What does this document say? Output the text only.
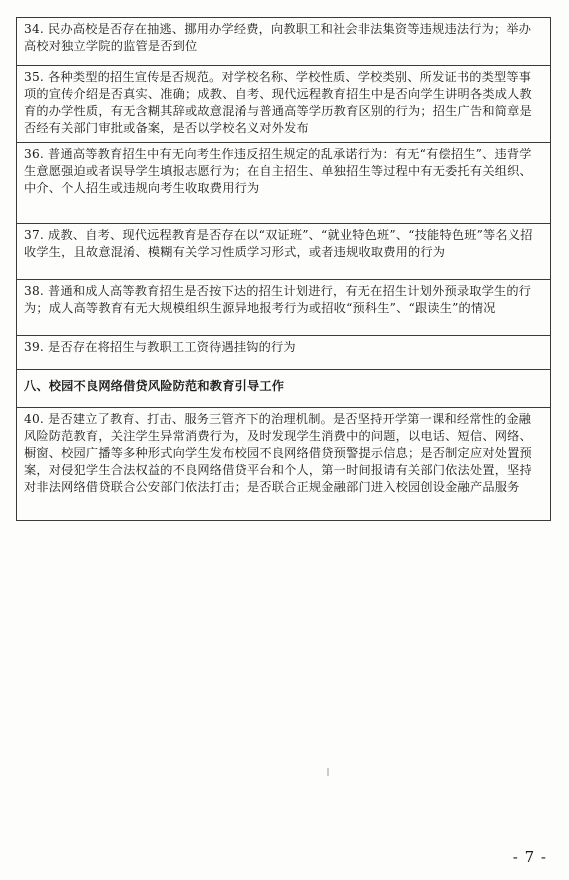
34. 民办高校是否存在抽逃、挪用办学经费，向教职工和社会非法集资等违规违法行为；举办高校对独立学院的监管是否到位
35. 各种类型的招生宣传是否规范。对学校名称、学校性质、学校类别、所发证书的类型等事项的宣传介绍是否真实、准确；成教、自考、现代远程教育招生中是否向学生讲明各类成人教育的办学性质，有无含糊其辞或故意混淆与普通高等学历教育区别的行为；招生广告和简章是否经有关部门审批或备案，是否以学校名义对外发布
36. 普通高等教育招生中有无向考生作违反招生规定的乱承诺行为：有无“有偿招生”、违背学生意愿强迫或者误导学生填报志愿行为；在自主招生、单独招生等过程中有无委托有关组织、中介、个人招生或违规向考生收取费用行为
37. 成教、自考、现代远程教育是否存在以“双证班”、“就业特色班”、“技能特色班”等名义招收学生，且故意混淆、模糊有关学习性质学习形式，或者违规收取费用的行为
38. 普通和成人高等教育招生是否按下达的招生计划进行，有无在招生计划外预录取学生的行为；成人高等教育有无大规模组织生源异地报考行为或招收“预科生”、“跟读生”的情况
39. 是否存在将招生与教职工工资待遇挂钩的行为
八、校园不良网络借贷风险防范和教育引导工作
40. 是否建立了教育、打击、服务三管齐下的治理机制。是否坚持开学第一课和经常性的金融风险防范教育，关注学生异常消费行为，及时发现学生消费中的问题，以电话、短信、网络、橱窗、校园广播等多种形式向学生发布校园不良网络借贷预警提示信息；是否制定应对处置预案，对侵犯学生合法权益的不良网络借贷平台和个人，第一时间报请有关部门依法处置，坚持对非法网络借贷联合公安部门依法打击；是否联合正规金融部门进入校园创设金融产品服务
- 7 -
